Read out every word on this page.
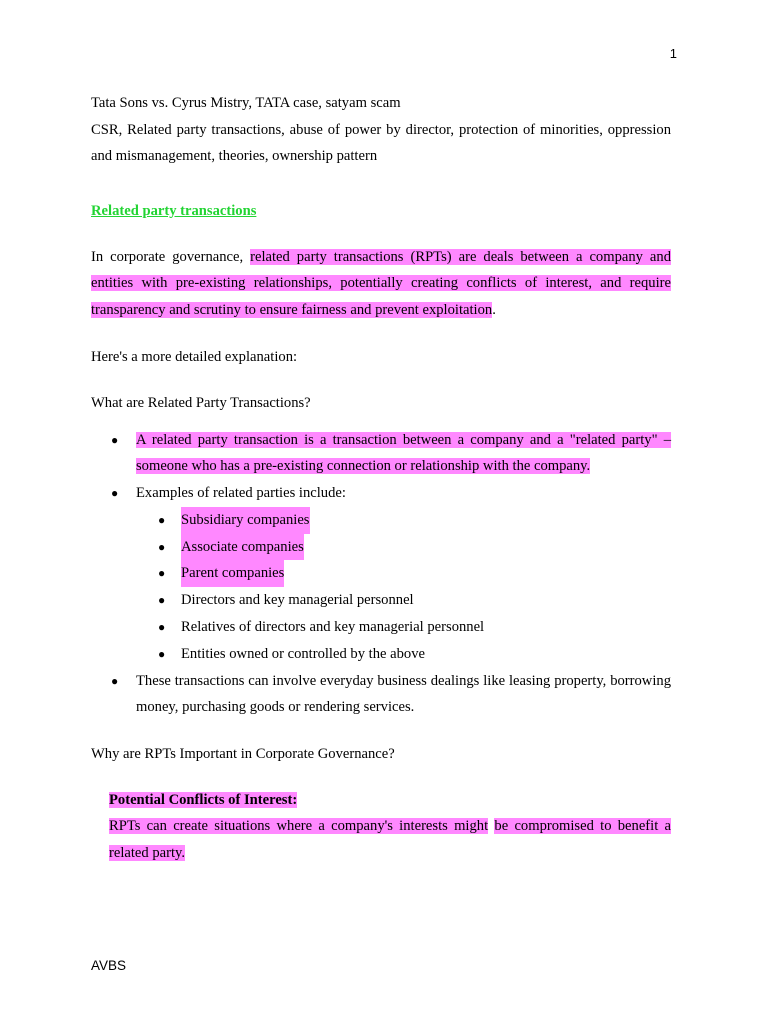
1
Tata Sons vs. Cyrus Mistry, TATA case, satyam scam
CSR, Related party transactions, abuse of power by director, protection of minorities, oppression and mismanagement, theories, ownership pattern
Related party transactions
In corporate governance, related party transactions (RPTs) are deals between a company and entities with pre-existing relationships, potentially creating conflicts of interest, and require transparency and scrutiny to ensure fairness and prevent exploitation.
Here's a more detailed explanation:
What are Related Party Transactions?
● A related party transaction is a transaction between a company and a "related party" – someone who has a pre-existing connection or relationship with the company.
● Examples of related parties include:
● Subsidiary companies
● Associate companies
● Parent companies
● Directors and key managerial personnel
● Relatives of directors and key managerial personnel
● Entities owned or controlled by the above
● These transactions can involve everyday business dealings like leasing property, borrowing money, purchasing goods or rendering services.
Why are RPTs Important in Corporate Governance?
Potential Conflicts of Interest:
RPTs can create situations where a company's interests might be compromised to benefit a related party.
AVBS
